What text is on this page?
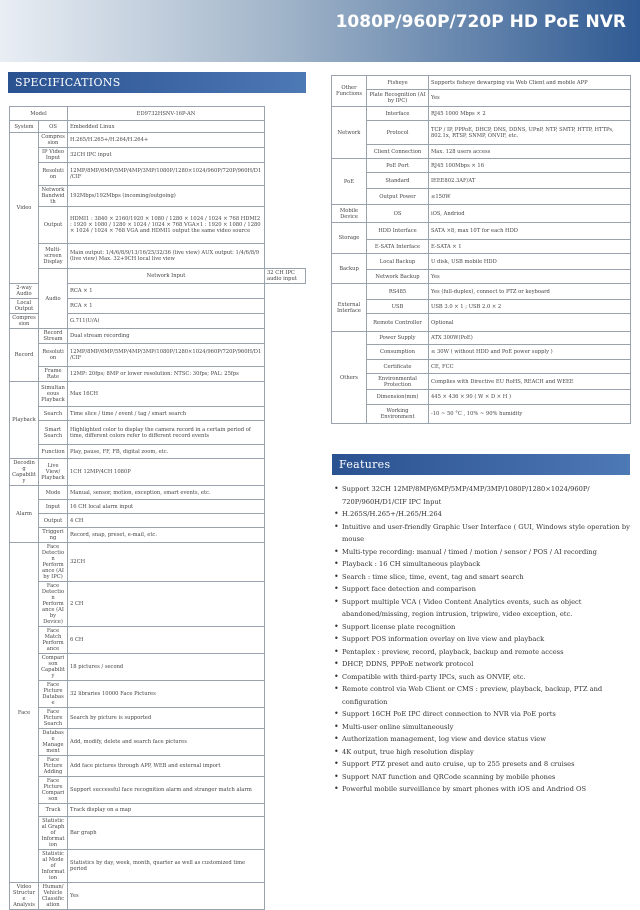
1080P/960P/720P HD PoE NVR
SPECIFICATIONS
Model		ED9732HSNV-16P-AN	
System	OS	Embedded Linux	
Video	Compression	H.265/H.265+/H.264/H.264+	
	IP Video Input	32CH IPC input	
	Resolution	12MP/8MP/6MP/5MP/4MP/3MP/1080P/1280×1024/960P/720P/960H/D1/CIF	
	Network Bandwidth	192Mbps/192Mbps (incoming/outgoing)	
	Output	HDMI1 : 3840 × 2160/1920 × 1080 / 1280 × 1024 / 1024 × 768 HDMI2 : 1920 × 1080 / 1280 × 1024 / 1024 × 768 VGA×1 : 1920 × 1080 / 1280 × 1024 / 1024 × 768 VGA and HDMI1 output the same video source	
	Multi-screen Display	Main output: 1/4/6/8/9/13/16/25/32/36 (live view) AUX output: 1/4/6/8/9 (live view) Max. 32+9CH local live view	
	Audio	Network Input	32 CH IPC audio input
2-way Audio		RCA × 1	
Local Output		RCA × 1	
Compression		G.711(U/A)	
Record	Record Stream	Dual stream recording	
	Resolution	12MP/8MP/6MP/5MP/4MP/3MP/1080P/1280×1024/960P/720P/960H/D1/CIF	
	Frame Rate	12MP: 20fps; 8MP or lower resolution: NTSC: 30fps; PAL: 25fps	
Playback	Simultaneous Playback	Max 16CH	
	Search	Time slice / time / event / tag / smart search	
	Smart Search	Highlighted color to display the camera record in a certain period of time, different colors refer to different record events	
	Function	Play, pause, FF, FB, digital zoom, etc.	
Decoding Capability	Live View/ Playback	1CH 12MP/4CH 1080P	
Alarm	Mode	Manual, sensor, motion, exception, smart events, etc.	
	Input	16 CH local alarm input	
	Output	4 CH	
	Triggering	Record, snap, preset, e-mail, etc.	
Face	Face Detection Performance (AI by IPC)	32CH	
	Face Detection Performance (AI by Device)	2 CH	
	Face Match Performance	6 CH	
	Comparison Capability	18 pictures / second	
	Face Picture Database	32 libraries 10000 Face Pictures	
	Face Picture Search	Search by picture is supported	
	Database Management	Add, modify, delete and search face pictures	
	Face Picture Adding	Add face pictures through APP, WEB and external import	
	Face Picture Comparison	Support successful face recognition alarm and stranger match alarm	
	Track	Track display on a map	
	Statistical Graph of Information	Bar graph	
	Statistical Mode of Information	Statistics by day, week, month, quarter as well as customized time period	
Video Structure Analysis	Human/Vehicle Classification	Yes	
Other Functions	Fisheye	Supports fisheye dewarping via Web Client and mobile APP
	Plate Recognition (AI by IPC)	Yes
Network	Interface	RJ45 1000 Mbps × 2
	Protocol	TCP / IP, PPPoE, DHCP, DNS, DDNS, UPnP, NTP, SMTP, HTTP, HTTPs, 802.1x, RTSP, SNMP, ONVIF, etc.
	Client Connection	Max. 128 users access
PoE	PoE Port	RJ45 100Mbps × 16
	Standard	IEEE802.3AF/AT
	Output Power	≤150W
Mobile Device	OS	iOS, Andriod
Storage	HDD Interface	SATA ×8, max 10T for each HDD
	E-SATA Interface	E-SATA × 1
Backup	Local Backup	U disk, USB mobile HDD
	Network Backup	Yes
External Interface	RS485	Yes (full-duplex), connect to PTZ or keyboard
	USB	USB 3.0 × 1 ; USB 2.0 × 2
	Remote Controller	Optional
Others	Power Supply	ATX 300W(PoE)
	Consumption	≤ 30W ( without HDD and PoE power supply )
	Certificate	CE, FCC
	Environmental Protection	Complies with Directive EU RoHS, REACH and WEEE
	Dimension(mm)	445 × 436 × 90 ( W × D × H )
	Working Environment	-10 ~ 50 °C , 10% ~ 90% humidity
Features
• Support 32CH 12MP/8MP/6MP/5MP/4MP/3MP/1080P/1280×1024/960P/ 720P/960H/D1/CIF IPC Input
• H.265S/H.265+/H.265/H.264
• Intuitive and user-friendly Graphic User Interface ( GUI, Windows style operation by mouse
• Multi-type recording: manual / timed / motion / sensor / POS / AI recording
• Playback : 16 CH simultaneous playback
• Search : time slice, time, event, tag and smart search
• Support face detection and comparison
• Support multiple VCA ( Video Content Analytics events, such as object abandoned/missing, region intrusion, tripwire, video exception, etc.
• Support license plate recognition
• Support POS information overlay on live view and playback
• Pentaplex : preview, record, playback, backup and remote access
• DHCP, DDNS, PPPoE network protocol
• Compatible with third-party IPCs, such as ONVIF, etc.
• Remote control via Web Client or CMS : preview, playback, backup, PTZ and configuration
• Support 16CH PoE IPC direct connection to NVR via PoE ports
• Multi-user online simultaneously
• Authorization management, log view and device status view
• 4K output, true high resolution display
• Support PTZ preset and auto cruise, up to 255 presets and 8 cruises
• Support NAT function and QRCode scanning by mobile phones
• Powerful mobile surveillance by smart phones with iOS and Andriod OS
